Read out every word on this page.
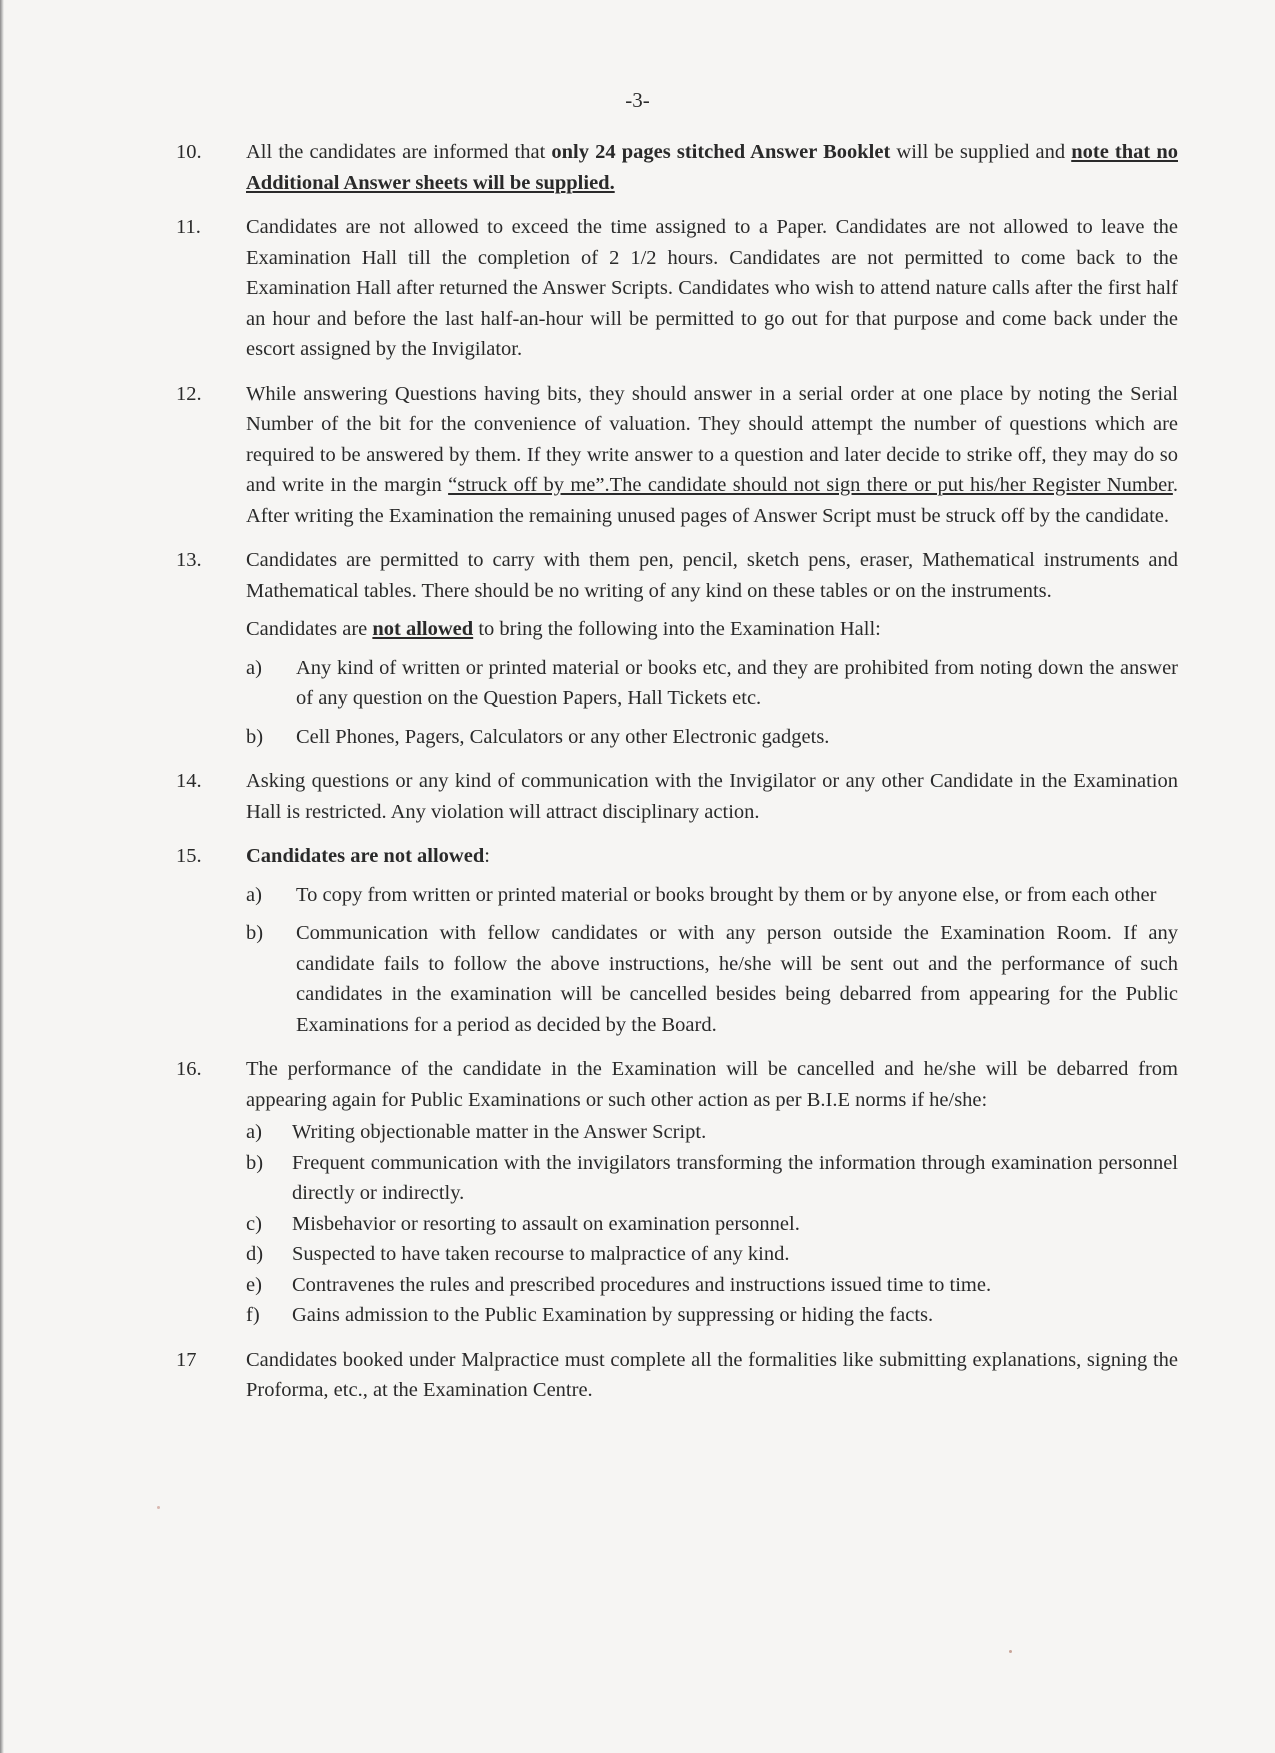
-3-
10. All the candidates are informed that only 24 pages stitched Answer Booklet will be supplied and note that no Additional Answer sheets will be supplied.

11. Candidates are not allowed to exceed the time assigned to a Paper. Candidates are not allowed to leave the Examination Hall till the completion of 2 1/2 hours. Candidates are not permitted to come back to the Examination Hall after returned the Answer Scripts. Candidates who wish to attend nature calls after the first half an hour and before the last half-an-hour will be permitted to go out for that purpose and come back under the escort assigned by the Invigilator.

12. While answering Questions having bits, they should answer in a serial order at one place by noting the Serial Number of the bit for the convenience of valuation. They should attempt the number of questions which are required to be answered by them. If they write answer to a question and later decide to strike off, they may do so and write in the margin “struck off by me”.The candidate should not sign there or put his/her Register Number. After writing the Examination the remaining unused pages of Answer Script must be struck off by the candidate.

13. Candidates are permitted to carry with them pen, pencil, sketch pens, eraser, Mathematical instruments and Mathematical tables. There should be no writing of any kind on these tables or on the instruments.

Candidates are not allowed to bring the following into the Examination Hall:

a) Any kind of written or printed material or books etc, and they are prohibited from noting down the answer of any question on the Question Papers, Hall Tickets etc.
b) Cell Phones, Pagers, Calculators or any other Electronic gadgets.
14. Asking questions or any kind of communication with the Invigilator or any other Candidate in the Examination Hall is restricted. Any violation will attract disciplinary action.

15. Candidates are not allowed:

a) To copy from written or printed material or books brought by them or by anyone else, or from each other
b) Communication with fellow candidates or with any person outside the Examination Room. If any candidate fails to follow the above instructions, he/she will be sent out and the performance of such candidates in the examination will be cancelled besides being debarred from appearing for the Public Examinations for a period as decided by the Board.
16. The performance of the candidate in the Examination will be cancelled and he/she will be debarred from appearing again for Public Examinations or such other action as per B.I.E norms if he/she:

a) Writing objectionable matter in the Answer Script.
b) Frequent communication with the invigilators transforming the information through examination personnel directly or indirectly.
c) Misbehavior or resorting to assault on examination personnel.
d) Suspected to have taken recourse to malpractice of any kind.
e) Contravenes the rules and prescribed procedures and instructions issued time to time.
f) Gains admission to the Public Examination by suppressing or hiding the facts.
17 Candidates booked under Malpractice must complete all the formalities like submitting explanations, signing the Proforma, etc., at the Examination Centre.
